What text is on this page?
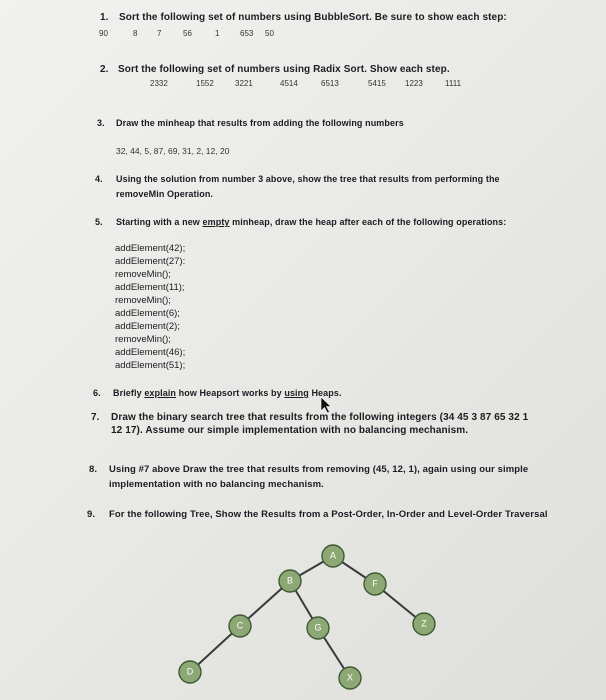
1. Sort the following set of numbers using BubbleSort. Be sure to show each step:
90	8 7	56	1	653 50
2. Sort the following set of numbers using Radix Sort. Show each step.
2332	1552	3221	4514	6513	5415 1223	1111
3. Draw the minheap that results from adding the following numbers
32, 44, 5, 87, 69, 31, 2, 12, 20
4. Using the solution from number 3 above, show the tree that results from performing the
removeMin Operation.
5. Starting with a new empty minheap, draw the heap after each of the following operations:
addElement(42);
addElement(27):
removeMin();
addElement(11);
removeMin();
addElement(6);
addElement(2);
removeMin();
addElement(46);
addElement(51);
6. Briefly explain how Heapsort works by using Heaps.
7. Draw the binary search tree that results from the following integers (34 45 3 87 65 32 1
12 17). Assume our simple implementation with no balancing mechanism.
8. Using #7 above Draw the tree that results from removing (45, 12, 1), again using our simple
implementation with no balancing mechanism.
9. For the following Tree, Show the Results from a Post-Order, In-Order and Level-Order Traversal
A
B
C
D
G
F
Z
X
